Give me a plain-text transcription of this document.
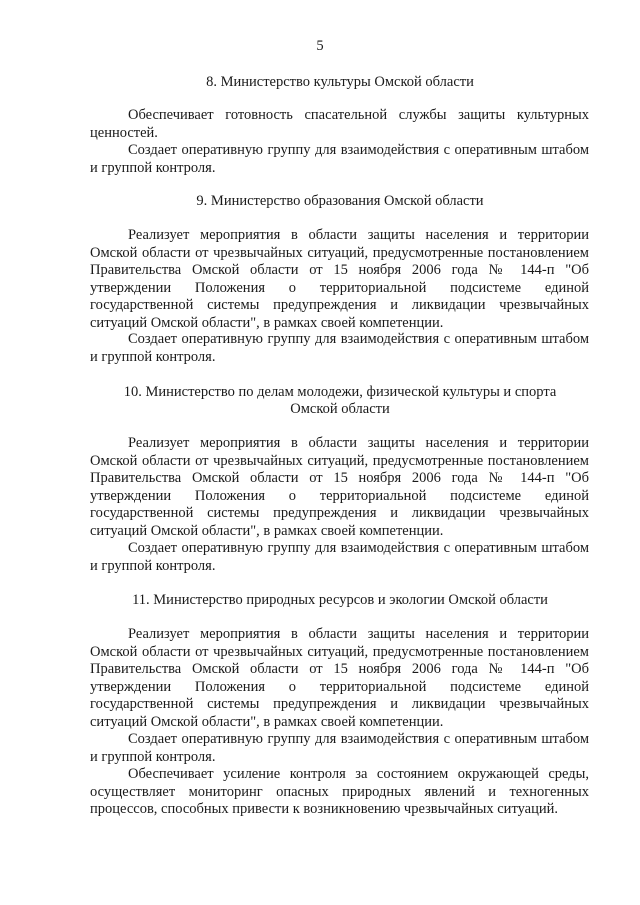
5
8. Министерство культуры Омской области

Обеспечивает готовность спасательной службы защиты культурных ценностей.

Создает оперативную группу для взаимодействия с оперативным штабом и группой контроля.

9. Министерство образования Омской области

Реализует мероприятия в области защиты населения и территории Омской области от чрезвычайных ситуаций, предусмотренные постановлением Правительства Омской области от 15 ноября 2006 года № 144-п "Об утверждении Положения о территориальной подсистеме единой государственной системы предупреждения и ликвидации чрезвычайных ситуаций Омской области", в рамках своей компетенции.

Создает оперативную группу для взаимодействия с оперативным штабом и группой контроля.

10. Министерство по делам молодежи, физической культуры и спорта
Омской области

Реализует мероприятия в области защиты населения и территории Омской области от чрезвычайных ситуаций, предусмотренные постановлением Правительства Омской области от 15 ноября 2006 года № 144-п "Об утверждении Положения о территориальной подсистеме единой государственной системы предупреждения и ликвидации чрезвычайных ситуаций Омской области", в рамках своей компетенции.

Создает оперативную группу для взаимодействия с оперативным штабом и группой контроля.

11. Министерство природных ресурсов и экологии Омской области

Реализует мероприятия в области защиты населения и территории Омской области от чрезвычайных ситуаций, предусмотренные постановлением Правительства Омской области от 15 ноября 2006 года № 144-п "Об утверждении Положения о территориальной подсистеме единой государственной системы предупреждения и ликвидации чрезвычайных ситуаций Омской области", в рамках своей компетенции.

Создает оперативную группу для взаимодействия с оперативным штабом и группой контроля.

Обеспечивает усиление контроля за состоянием окружающей среды, осуществляет мониторинг опасных природных явлений и техногенных процессов, способных привести к возникновению чрезвычайных ситуаций.
